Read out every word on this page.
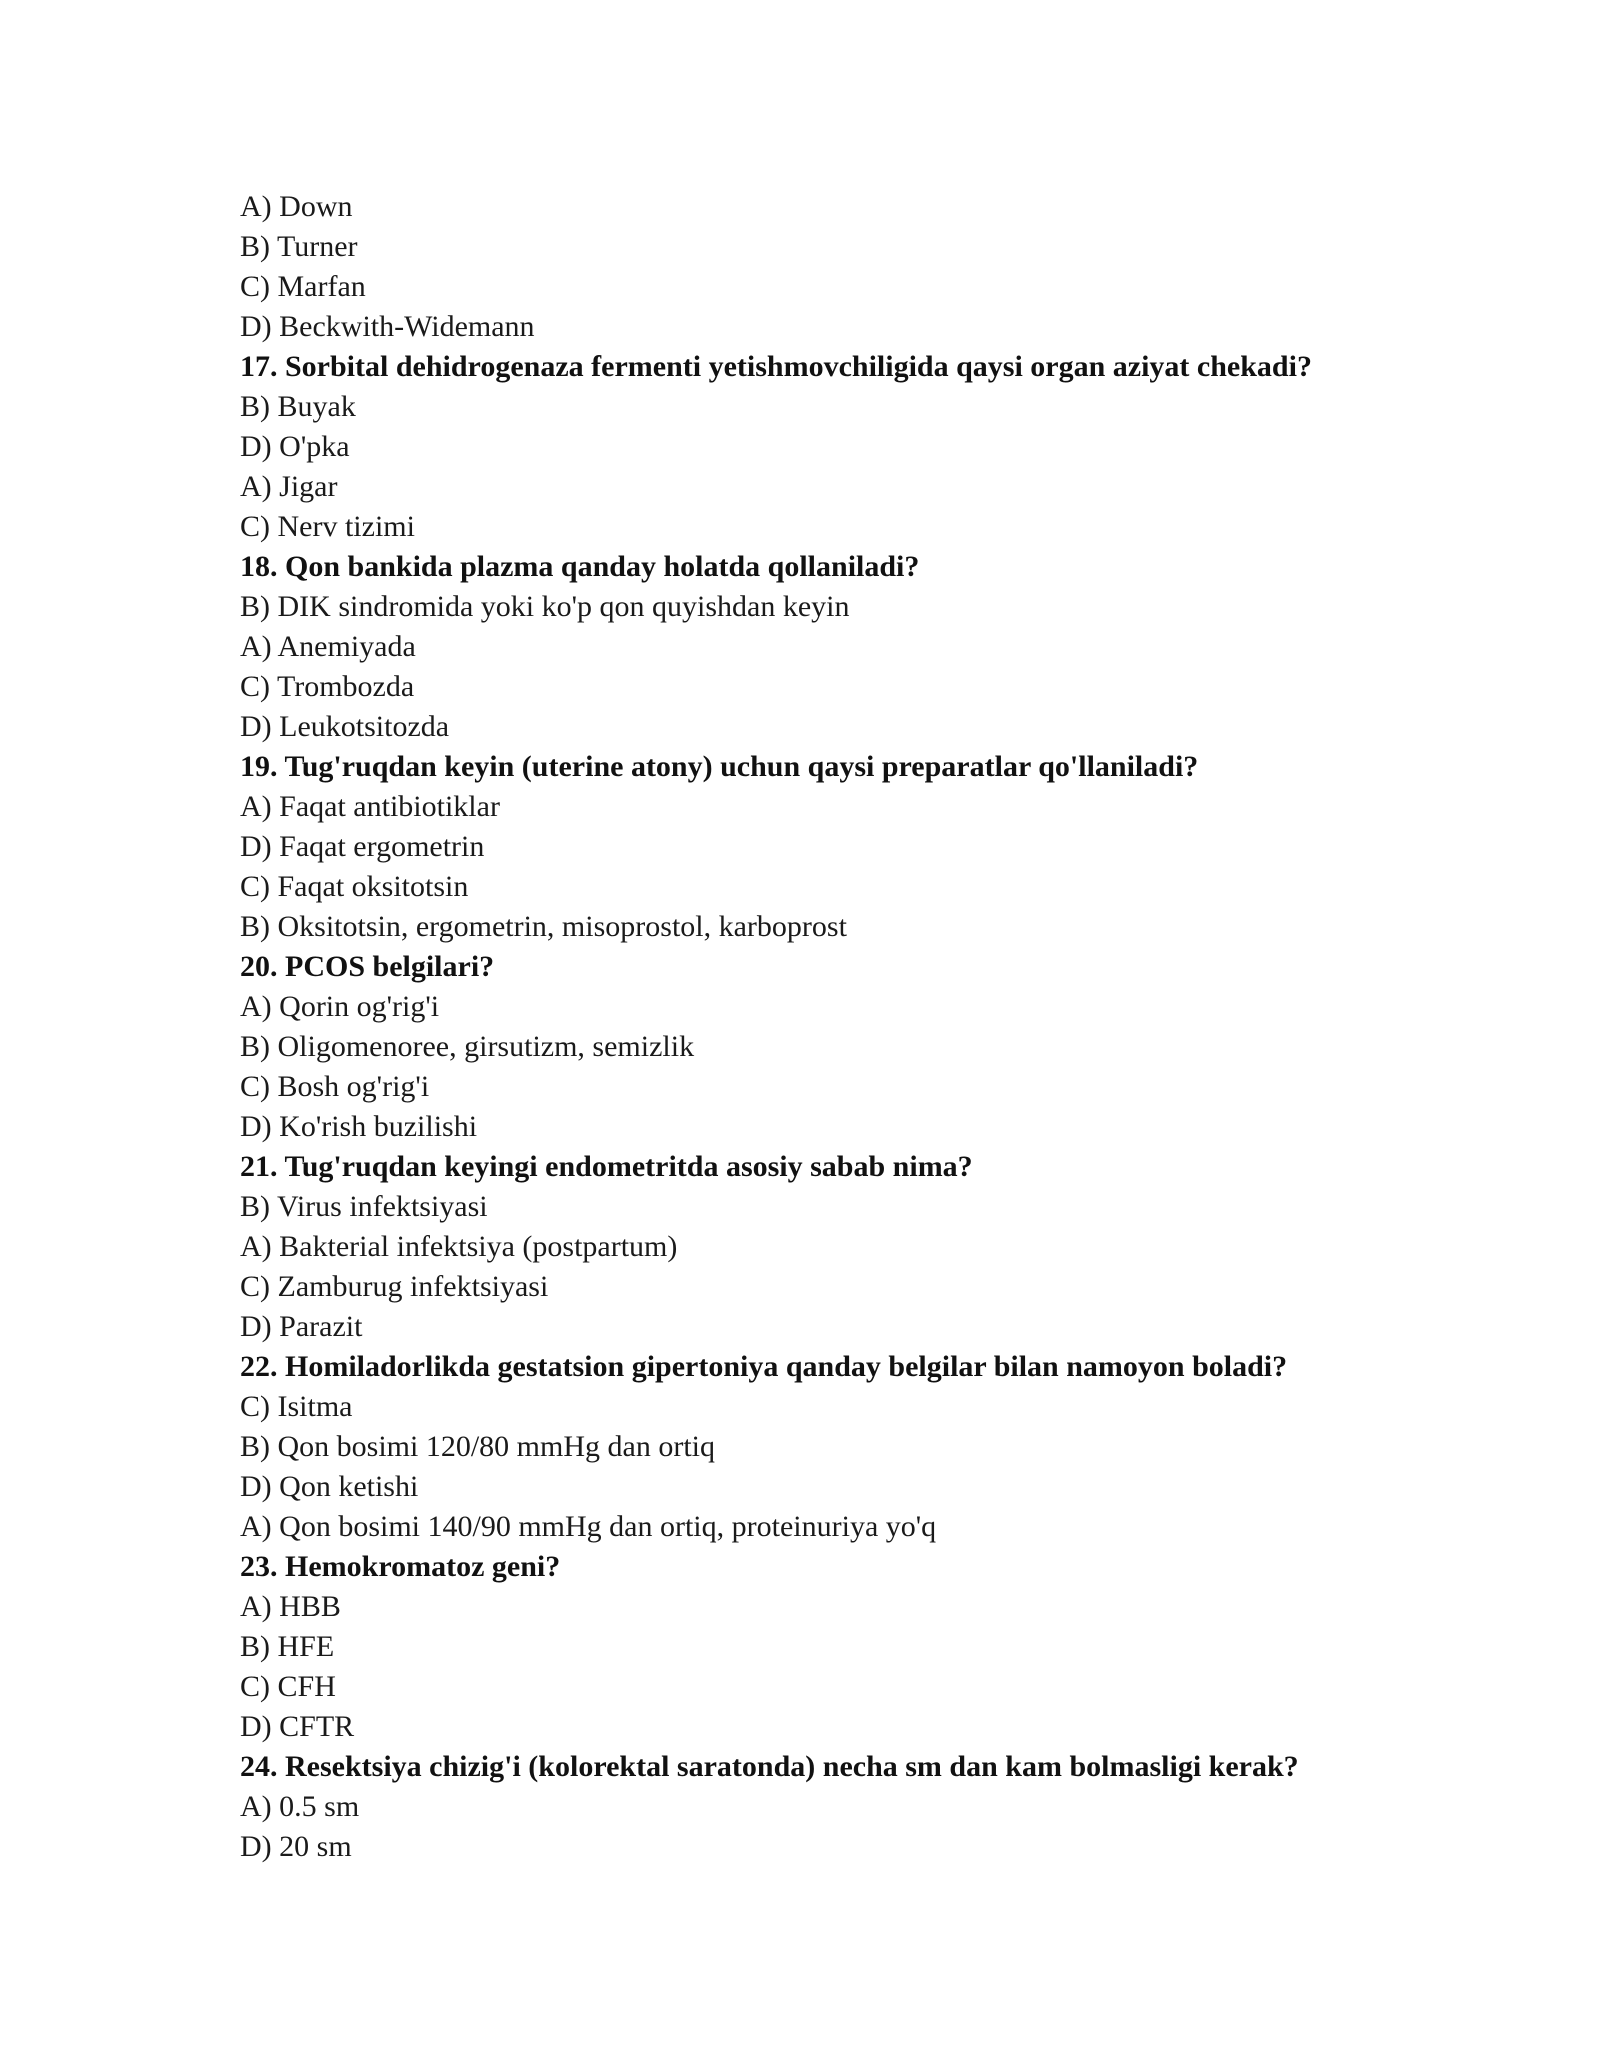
A) Down
B) Turner
C) Marfan
D) Beckwith-Widemann
17. Sorbital dehidrogenaza fermenti yetishmovchiligida qaysi organ aziyat chekadi?
B) Buyak
D) O'pka
A) Jigar
C) Nerv tizimi
18. Qon bankida plazma qanday holatda qollaniladi?
B) DIK sindromida yoki ko'p qon quyishdan keyin
A) Anemiyada
C) Trombozda
D) Leukotsitozda
19. Tug'ruqdan keyin (uterine atony) uchun qaysi preparatlar qo'llaniladi?
A) Faqat antibiotiklar
D) Faqat ergometrin
C) Faqat oksitotsin
B) Oksitotsin, ergometrin, misoprostol, karboprost
20. PCOS belgilari?
A) Qorin og'rig'i
B) Oligomenoree, girsutizm, semizlik
C) Bosh og'rig'i
D) Ko'rish buzilishi
21. Tug'ruqdan keyingi endometritda asosiy sabab nima?
B) Virus infektsiyasi
A) Bakterial infektsiya (postpartum)
C) Zamburug infektsiyasi
D) Parazit
22. Homiladorlikda gestatsion gipertoniya qanday belgilar bilan namoyon boladi?
C) Isitma
B) Qon bosimi 120/80 mmHg dan ortiq
D) Qon ketishi
A) Qon bosimi 140/90 mmHg dan ortiq, proteinuriya yo'q
23. Hemokromatoz geni?
A) HBB
B) HFE
C) CFH
D) CFTR
24. Resektsiya chizig'i (kolorektal saratonda) necha sm dan kam bolmasligi kerak?
A) 0.5 sm
D) 20 sm
